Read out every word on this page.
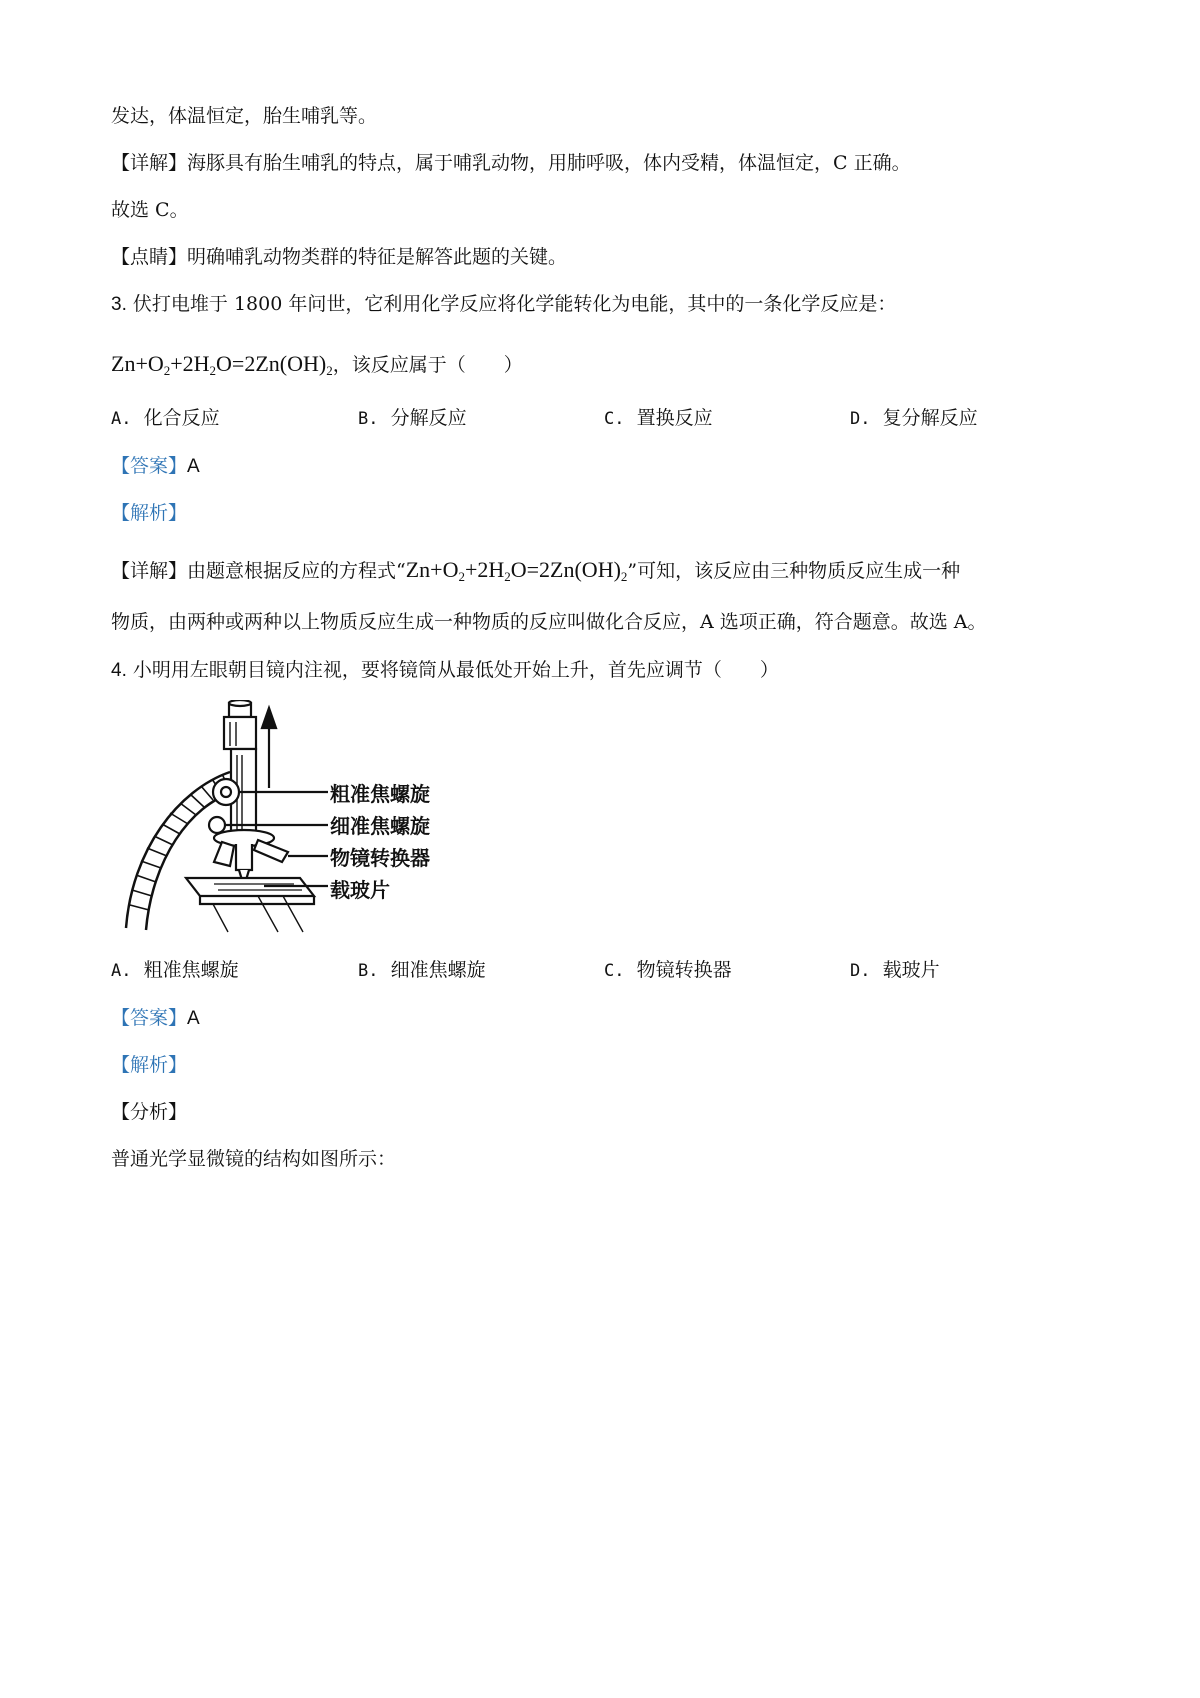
发达，体温恒定，胎生哺乳等。
【详解】海豚具有胎生哺乳的特点，属于哺乳动物，用肺呼吸，体内受精，体温恒定，C 正确。
故选 C。
【点睛】明确哺乳动物类群的特征是解答此题的关键。
3. 伏打电堆于 1800 年问世，它利用化学反应将化学能转化为电能，其中的一条化学反应是：
$Zn+O_2+2H_2O=2Zn(OH)_2$，该反应属于（　　）
A. 化合反应	B. 分解反应	C. 置换反应	D. 复分解反应
【答案】A
【解析】
【详解】由题意根据反应的方程式“$Zn+O_2+2H_2O=2Zn(OH)_2$”可知，该反应由三种物质反应生成一种
物质，由两种或两种以上物质反应生成一种物质的反应叫做化合反应，A 选项正确，符合题意。故选 A。
4. 小明用左眼朝目镜内注视，要将镜筒从最低处开始上升，首先应调节（　　）
粗准焦螺旋
细准焦螺旋
物镜转换器
载玻片
A. 粗准焦螺旋	B. 细准焦螺旋	C. 物镜转换器	D. 载玻片
【答案】A
【解析】
【分析】
普通光学显微镜的结构如图所示：
